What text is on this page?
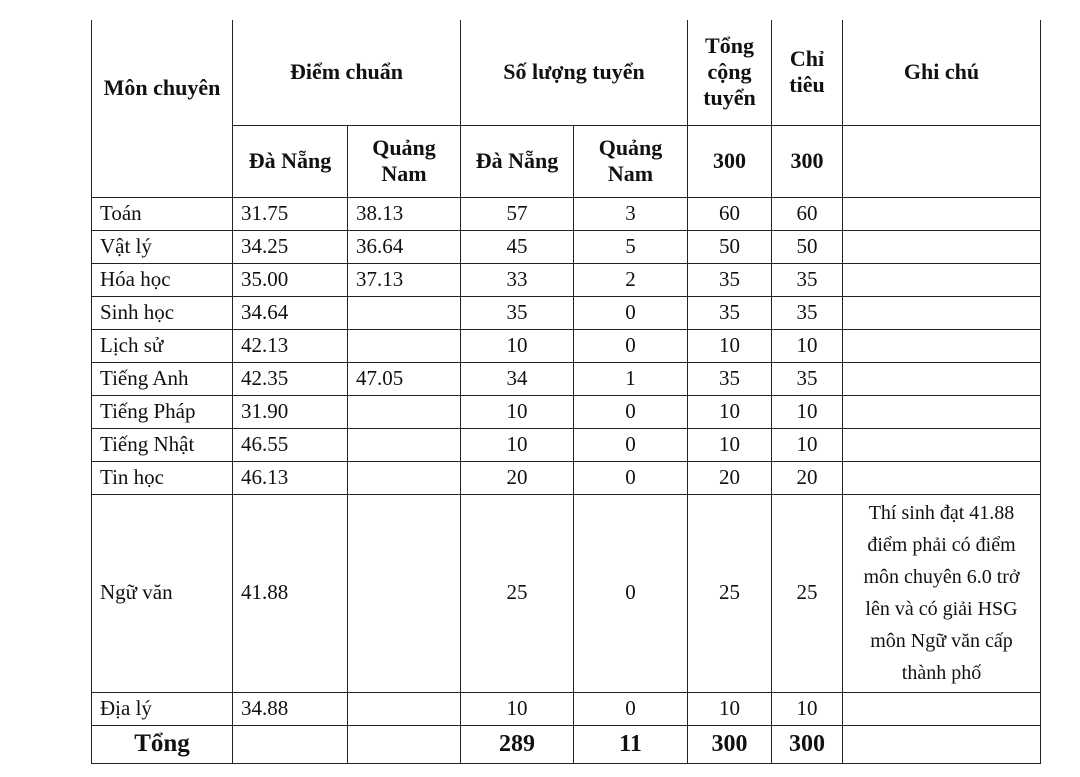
Môn chuyên	Điểm chuẩn		Số lượng tuyển		Tổng cộng tuyển	Chỉ tiêu	Ghi chú
	Đà Nẵng	Quảng Nam	Đà Nẵng	Quảng Nam	300	300	
Toán	31.75	38.13	57	3	60	60	
Vật lý	34.25	36.64	45	5	50	50	
Hóa học	35.00	37.13	33	2	35	35	
Sinh học	34.64		35	0	35	35	
Lịch sử	42.13		10	0	10	10	
Tiếng Anh	42.35	47.05	34	1	35	35	
Tiếng Pháp	31.90		10	0	10	10	
Tiếng Nhật	46.55		10	0	10	10	
Tin học	46.13		20	0	20	20	
Ngữ văn	41.88		25	0	25	25	Thí sinh đạt 41.88 điểm phải có điểm môn chuyên 6.0 trở lên và có giải HSG môn Ngữ văn cấp thành phố
Địa lý	34.88		10	0	10	10	
Tổng			289	11	300	300	
